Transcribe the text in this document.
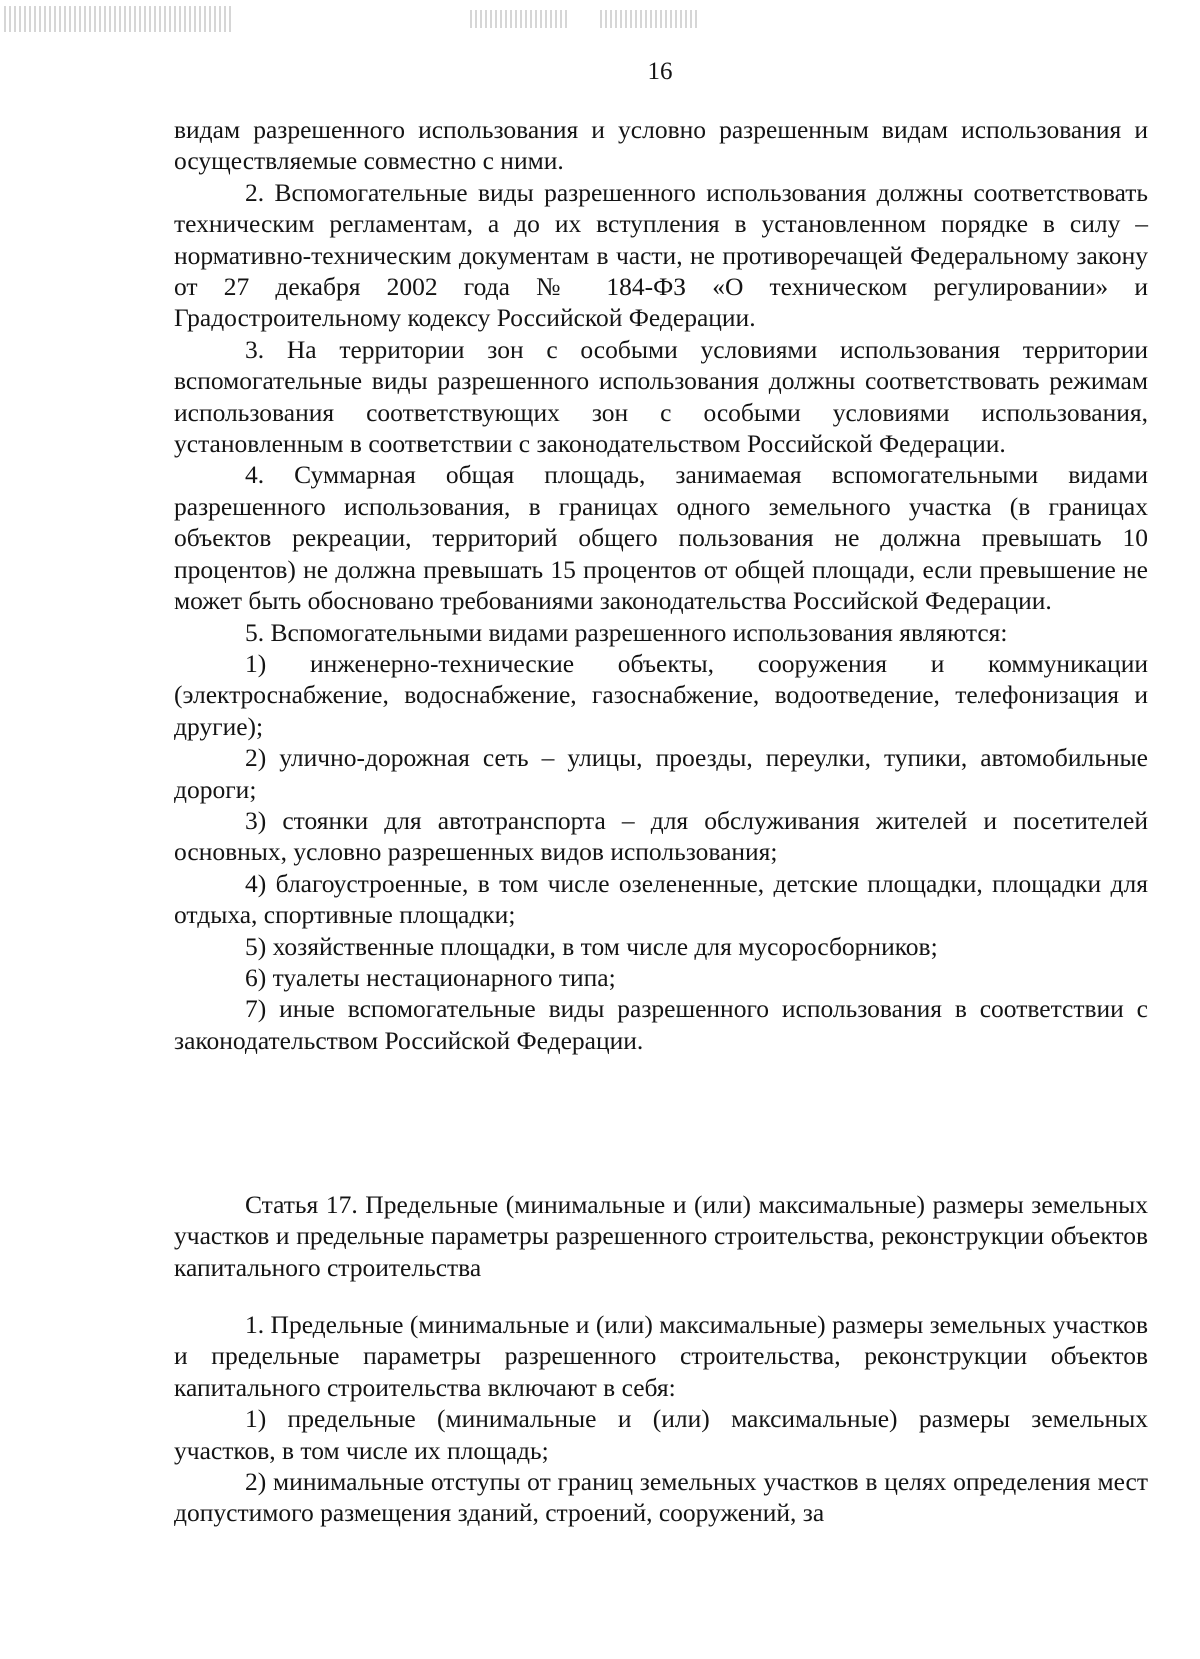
16

видам разрешенного использования и условно разрешенным видам использования и осуществляемые совместно с ними.

2. Вспомогательные виды разрешенного использования должны соответствовать техническим регламентам, а до их вступления в установленном порядке в силу – нормативно-техническим документам в части, не противоречащей Федеральному закону от 27 декабря 2002 года № 184-ФЗ «О техническом регулировании» и Градостроительному кодексу Российской Федерации.

3. На территории зон с особыми условиями использования территории вспомогательные виды разрешенного использования должны соответствовать режимам использования соответствующих зон с особыми условиями использования, установленным в соответствии с законодательством Российской Федерации.

4. Суммарная общая площадь, занимаемая вспомогательными видами разрешенного использования, в границах одного земельного участка (в границах объектов рекреации, территорий общего пользования не должна превышать 10 процентов) не должна превышать 15 процентов от общей площади, если превышение не может быть обосновано требованиями законодательства Российской Федерации.

5. Вспомогательными видами разрешенного использования являются:

1) инженерно-технические объекты, сооружения и коммуникации (электроснабжение, водоснабжение, газоснабжение, водоотведение, телефонизация и другие);

2) улично-дорожная сеть – улицы, проезды, переулки, тупики, автомобильные дороги;

3) стоянки для автотранспорта – для обслуживания жителей и посетителей основных, условно разрешенных видов использования;

4) благоустроенные, в том числе озелененные, детские площадки, площадки для отдыха, спортивные площадки;

5) хозяйственные площадки, в том числе для мусоросборников;

6) туалеты нестационарного типа;

7) иные вспомогательные виды разрешенного использования в соответствии с законодательством Российской Федерации.

Статья 17. Предельные (минимальные и (или) максимальные) размеры земельных участков и предельные параметры разрешенного строительства, реконструкции объектов капитального строительства

1. Предельные (минимальные и (или) максимальные) размеры земельных участков и предельные параметры разрешенного строительства, реконструкции объектов капитального строительства включают в себя:

1) предельные (минимальные и (или) максимальные) размеры земельных участков, в том числе их площадь;

2) минимальные отступы от границ земельных участков в целях определения мест допустимого размещения зданий, строений, сооружений, за
